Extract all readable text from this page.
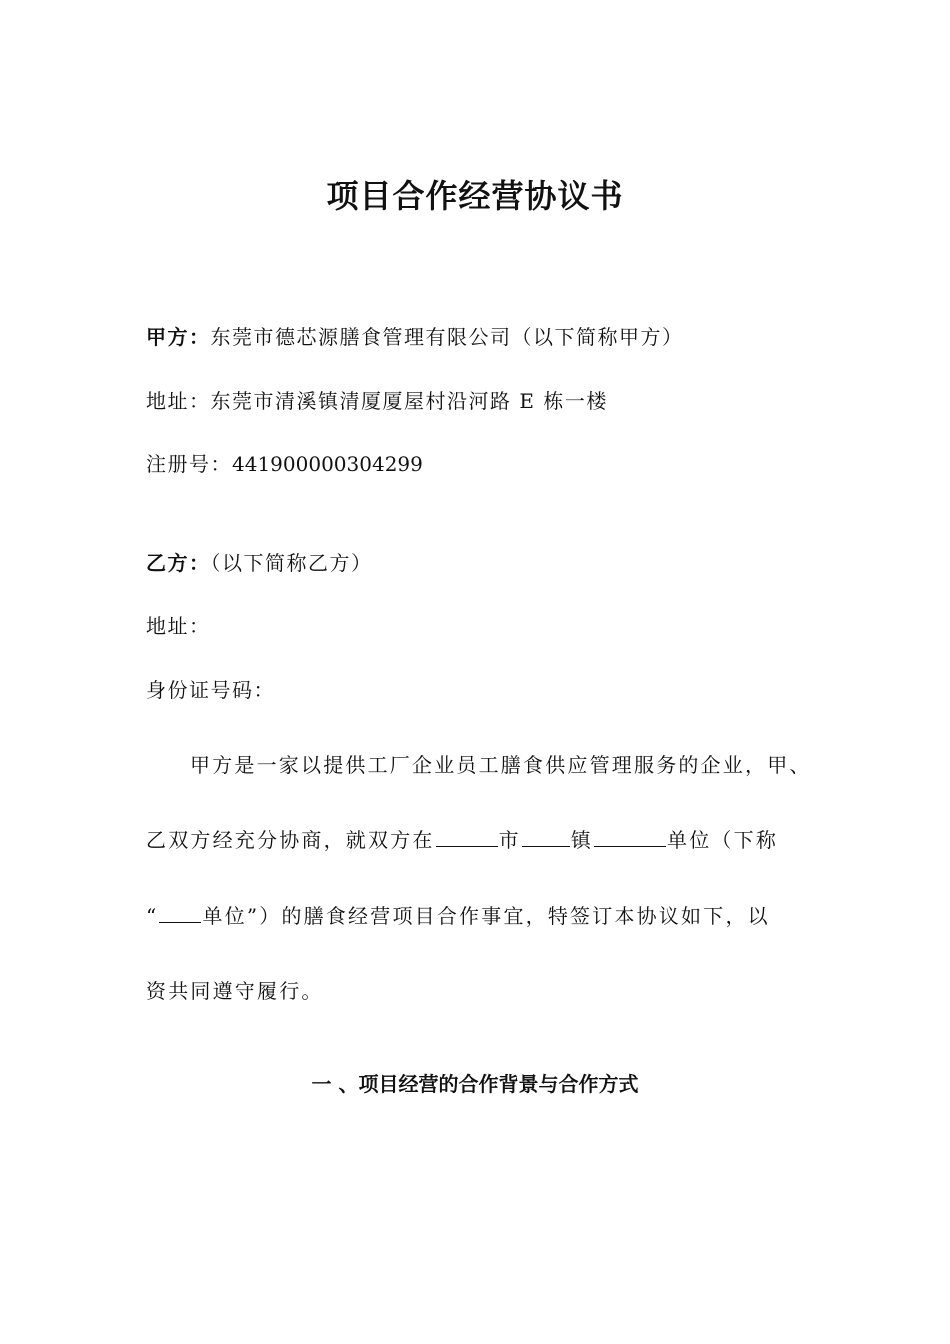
项目合作经营协议书
甲方：东莞市德芯源膳食管理有限公司（以下简称甲方）
地址：东莞市清溪镇清厦厦屋村沿河路 E 栋一楼
注册号：441900000304299
乙方：（以下简称乙方）
地址：
身份证号码：
甲方是一家以提供工厂企业员工膳食供应管理服务的企业，甲、
乙双方经充分协商，就双方在	市	镇	单位（下称
“ 单位”）的膳食经营项目合作事宜，特签订本协议如下，以
资共同遵守履行。
一 、项目经营的合作背景与合作方式
